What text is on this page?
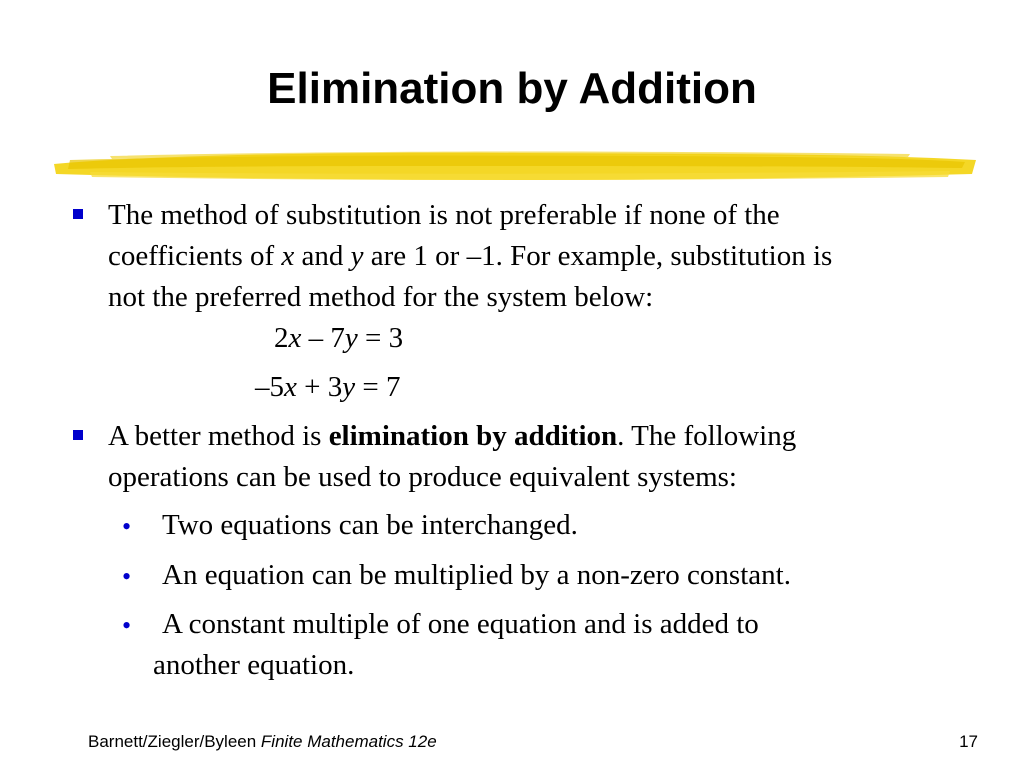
Elimination by Addition
The method of substitution is not preferable if none of the
coefficients of x and y are 1 or –1. For example, substitution is
not the preferred method for the system below:
2x – 7y = 3
–5x + 3y = 7
A better method is elimination by addition. The following
operations can be used to produce equivalent systems:
• Two equations can be interchanged.
• An equation can be multiplied by a non-zero constant.
• A constant multiple of one equation and is added to
another equation.
Barnett/Ziegler/Byleen Finite Mathematics 12e	17
